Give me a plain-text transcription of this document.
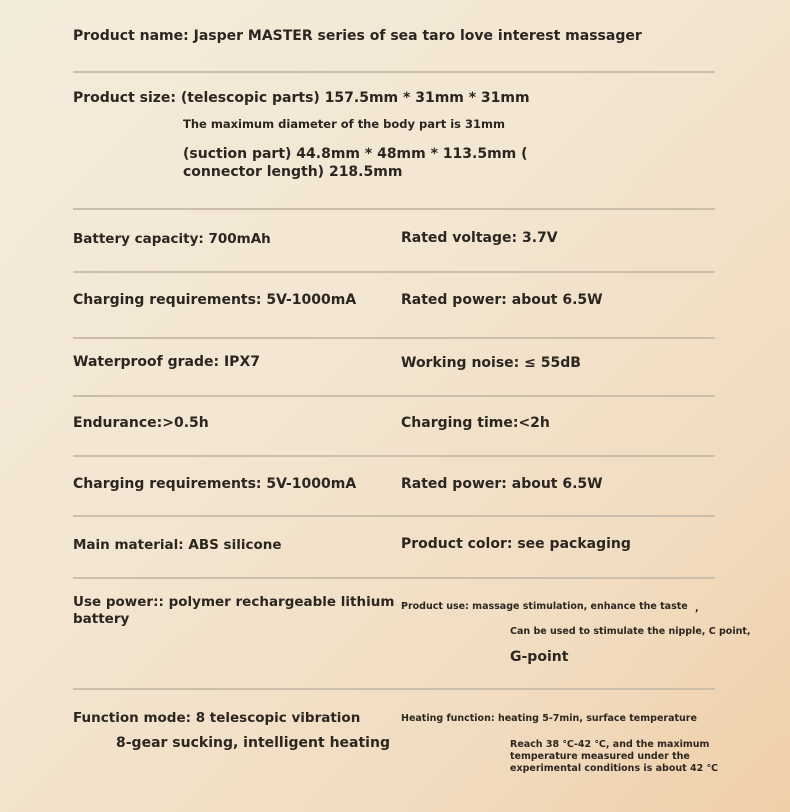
Product name: Jasper MASTER series of sea taro love interest massager
Product size: (telescopic parts) 157.5mm * 31mm * 31mm
The maximum diameter of the body part is 31mm
(suction part) 44.8mm * 48mm * 113.5mm (
connector length) 218.5mm
Battery capacity: 700mAh	Rated voltage: 3.7V
Charging requirements: 5V-1000mA	Rated power: about 6.5W
Waterproof grade: IPX7	Working noise: ≤ 55dB
Endurance:>0.5h	Charging time:<2h
Charging requirements: 5V-1000mA	Rated power: about 6.5W
Main material: ABS silicone	Product color: see packaging
Use power:: polymer rechargeable lithium
battery
Product use: massage stimulation, enhance the taste ,
Can be used to stimulate the nipple, C point,
G-point
Function mode: 8 telescopic vibration
8-gear sucking, intelligent heating
Heating function: heating 5-7min, surface temperature
Reach 38 ℃-42 ℃, and the maximum
temperature measured under the
experimental conditions is about 42 ℃
